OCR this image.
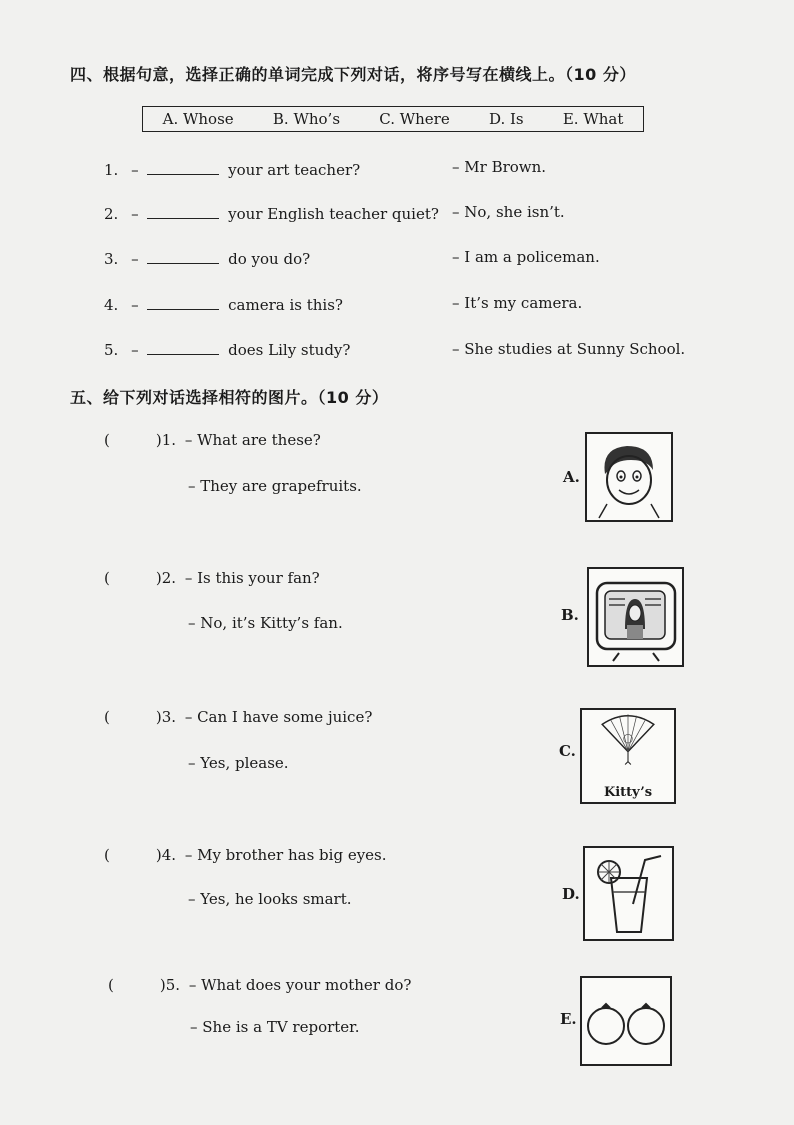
四、根据句意，选择正确的单词完成下列对话，将序号写在横线上。（10 分）
A. Whose	B. Who’s	C. Where	D. Is	E. What
1. –	your art teacher?	– Mr Brown.
2. –	your English teacher quiet? – No, she isn’t.
3. –	do you do?	– I am a policeman.
4. –	camera is this?	– It’s my camera.
5. –	does Lily study?	– She studies at Sunny School.
五、给下列对话选择相符的图片。（10 分）
(	)1. – What are these?
– They are grapefruits.
(	)2. – Is this your fan?
– No, it’s Kitty’s fan.
(	)3. – Can I have some juice?
– Yes, please.
(	)4. – My brother has big eyes.
– Yes, he looks smart.
(	)5. – What does your mother do?
– She is a TV reporter.
A.
B.
C.
Kitty’s
D.
E.
